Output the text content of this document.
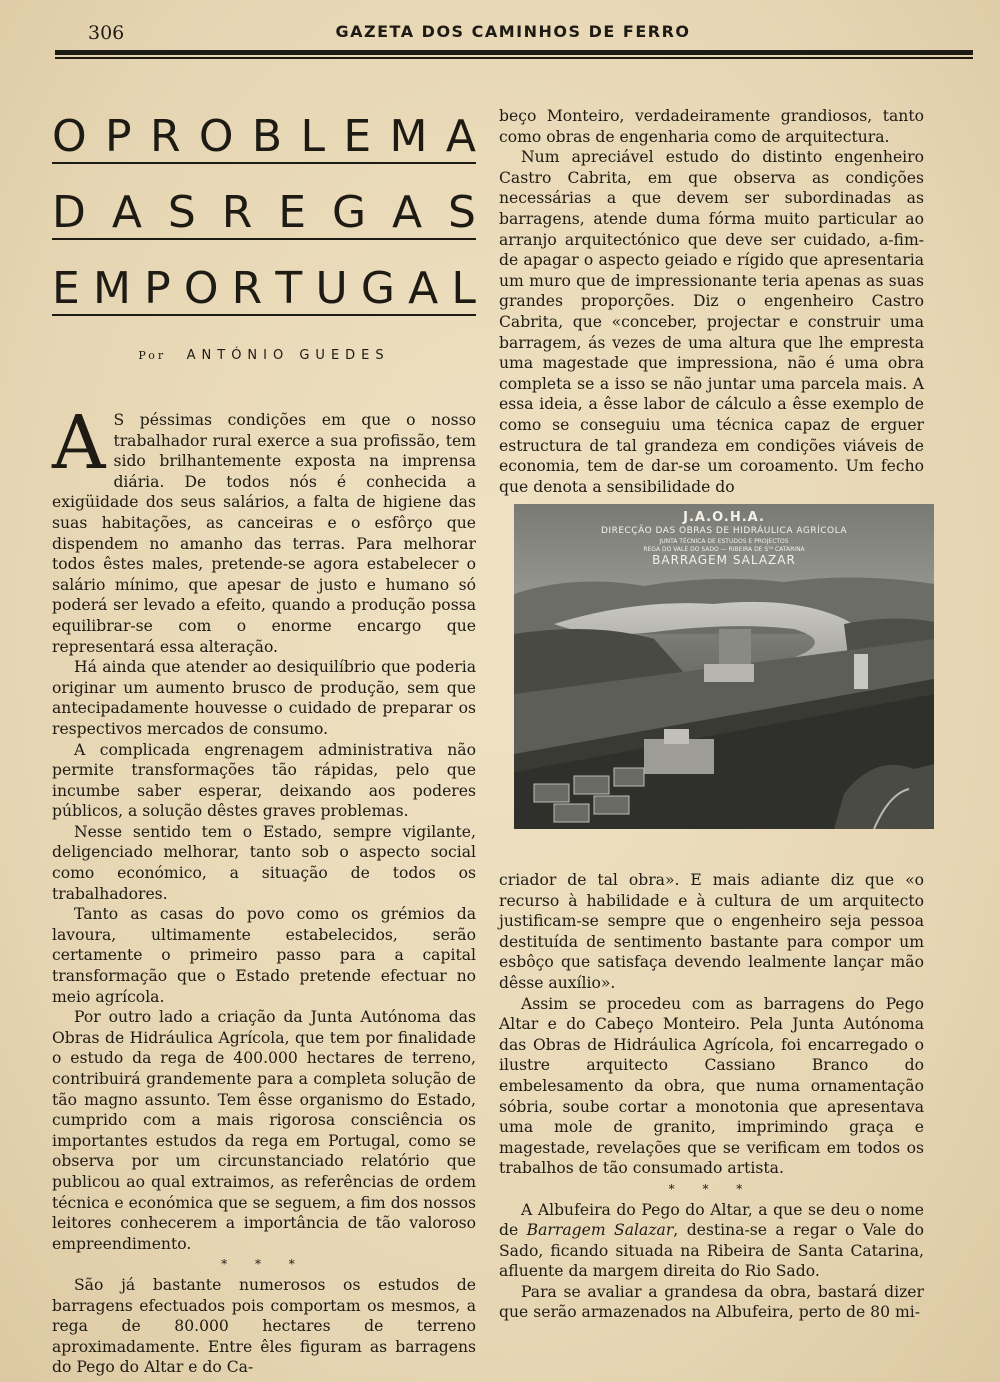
306	GAZETA DOS CAMINHOS DE FERRO
O P R O B L E M A
D A S R E G A S
E M P O R T U G A L
Por ANTÓNIO GUEDES

A S péssimas condições em que o nosso trabalhador rural exerce a sua profissão, tem sido brilhantemente exposta na imprensa diária. De todos nós é conhecida a exigüidade dos seus salários, a falta de higiene das suas habitações, as canceiras e o esfôrço que dispendem no amanho das terras. Para melhorar todos êstes males, pretende-se agora estabelecer o salário mínimo, que apesar de justo e humano só poderá ser levado a efeito, quando a produção possa equilibrar-se com o enorme encargo que representará essa alteração.

Há ainda que atender ao desiquilíbrio que poderia originar um aumento brusco de produção, sem que antecipadamente houvesse o cuidado de preparar os respectivos mercados de consumo.

A complicada engrenagem administrativa não permite transformações tão rápidas, pelo que incumbe saber esperar, deixando aos poderes públicos, a solução dêstes graves problemas.

Nesse sentido tem o Estado, sempre vigilante, deligenciado melhorar, tanto sob o aspecto social como económico, a situação de todos os trabalhadores.

Tanto as casas do povo como os grémios da lavoura, ultimamente estabelecidos, serão certamente o primeiro passo para a capital transformação que o Estado pretende efectuar no meio agrícola.

Por outro lado a criação da Junta Autónoma das Obras de Hidráulica Agrícola, que tem por finalidade o estudo da rega de 400.000 hectares de terreno, contribuirá grandemente para a completa solução de tão magno assunto. Tem êsse organismo do Estado, cumprido com a mais rigorosa consciência os importantes estudos da rega em Portugal, como se observa por um circunstanciado relatório que publicou ao qual extraimos, as referências de ordem técnica e económica que se seguem, a fim dos nossos leitores conhecerem a importância de tão valoroso empreendimento.

* * *

São já bastante numerosos os estudos de barragens efectuados pois comportam os mesmos, a rega de 80.000 hectares de terreno aproximadamente. Entre êles figuram as barragens do Pego do Altar e do Ca-

beço Monteiro, verdadeiramente grandiosos, tanto como obras de engenharia como de arquitectura.

Num apreciável estudo do distinto engenheiro Castro Cabrita, em que observa as condições necessárias a que devem ser subordinadas as barragens, atende duma fórma muito particular ao arranjo arquitectónico que deve ser cuidado, a-fim-de apagar o aspecto geiado e rígido que apresentaria um muro que de impressionante teria apenas as suas grandes proporções. Diz o engenheiro Castro Cabrita, que «conceber, projectar e construir uma barragem, ás vezes de uma altura que lhe empresta uma magestade que impressiona, não é uma obra completa se a isso se não juntar uma parcela mais. A essa ideia, a êsse labor de cálculo a êsse exemplo de como se conseguiu uma técnica capaz de erguer estructura de tal grandeza em condições viáveis de economia, tem de dar-se um coroamento. Um fecho que denota a sensibilidade do

J.A.O.H.A.
DIRECÇÃO DAS OBRAS DE HIDRÁULICA AGRÍCOLA
JUNTA TÉCNICA DE ESTUDOS E PROJECTOS
REGA DO VALE DO SADO — RIBEIRA DE Sᵀᴬ CATARINA
BARRAGEM SALAZAR

criador de tal obra». E mais adiante diz que «o recurso à habilidade e à cultura de um arquitecto justificam-se sempre que o engenheiro seja pessoa destituída de sentimento bastante para compor um esbôço que satisfaça devendo lealmente lançar mão dêsse auxílio».

Assim se procedeu com as barragens do Pego Altar e do Cabeço Monteiro. Pela Junta Autónoma das Obras de Hidráulica Agrícola, foi encarregado o ilustre arquitecto Cassiano Branco do embelesamento da obra, que numa ornamentação sóbria, soube cortar a monotonia que apresentava uma mole de granito, imprimindo graça e magestade, revelações que se verificam em todos os trabalhos de tão consumado artista.

* * *

A Albufeira do Pego do Altar, a que se deu o nome de Barragem Salazar, destina-se a regar o Vale do Sado, ficando situada na Ribeira de Santa Catarina, afluente da margem direita do Rio Sado.

Para se avaliar a grandesa da obra, bastará dizer que serão armazenados na Albufeira, perto de 80 mi-
